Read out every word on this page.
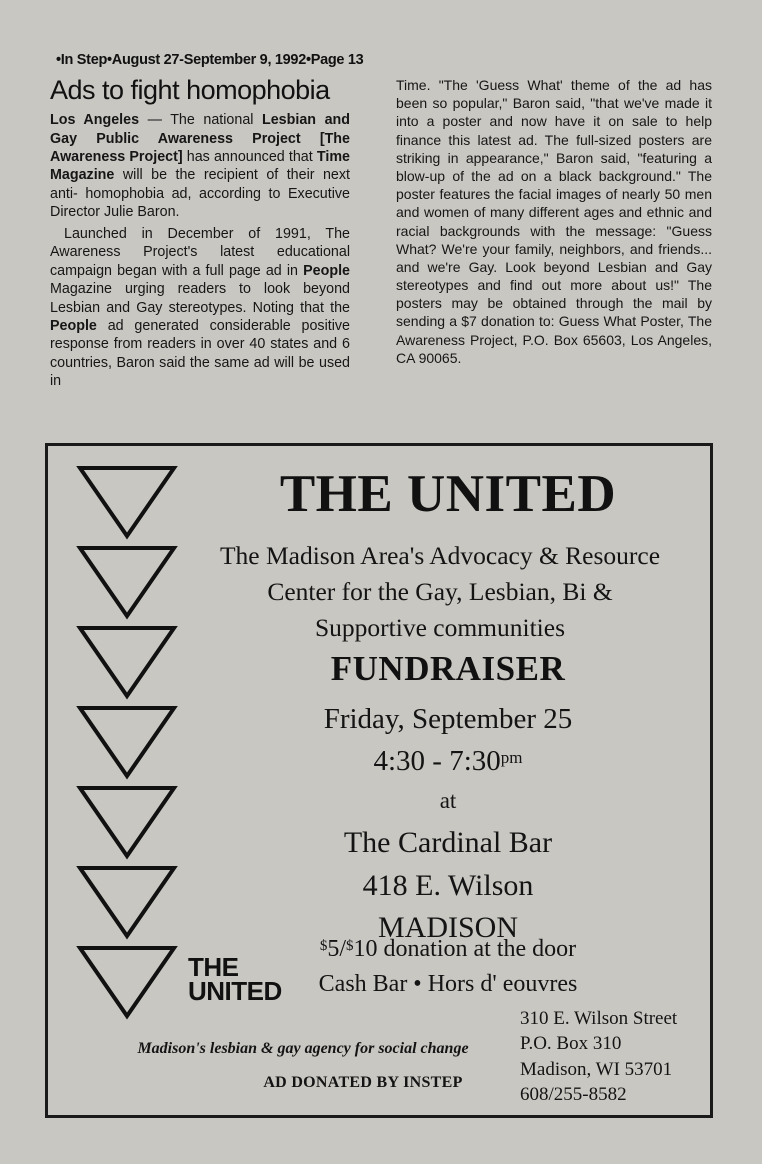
•In Step•August 27-September 9, 1992•Page 13
Ads to fight homophobia

Los Angeles — The national Lesbian and Gay Public Awareness Project [The Awareness Project] has announced that Time Magazine will be the recipient of their next anti- homophobia ad, according to Executive Director Julie Baron.

Launched in December of 1991, The Awareness Project's latest educational campaign began with a full page ad in People Magazine urging readers to look beyond Lesbian and Gay stereotypes. Noting that the People ad generated considerable positive response from readers in over 40 states and 6 countries, Baron said the same ad will be used in

Time. "The 'Guess What' theme of the ad has been so popular," Baron said, "that we've made it into a poster and now have it on sale to help finance this latest ad. The full-sized posters are striking in appearance," Baron said, "featuring a blow-up of the ad on a black background." The poster features the facial images of nearly 50 men and women of many different ages and ethnic and racial backgrounds with the message: "Guess What? We're your family, neighbors, and friends... and we're Gay. Look beyond Lesbian and Gay stereotypes and find out more about us!" The posters may be obtained through the mail by sending a $7 donation to: Guess What Poster, The Awareness Project, P.O. Box 65603, Los Angeles, CA 90065.

THE UNITED
The Madison Area's Advocacy & Resource
Center for the Gay, Lesbian, Bi &
Supportive communities
FUNDRAISER
Friday, September 25
4:30 - $7:30^{pm}$
at
The Cardinal Bar
418 E. Wilson
MADISON
$5/$10 donation at the door
Cash Bar • Hors d' eouvres
THE
UNITED
Madison's lesbian & gay agency for social change
310 E. Wilson Street
P.O. Box 310
Madison, WI 53701
608/255-8582
AD DONATED BY INSTEP
